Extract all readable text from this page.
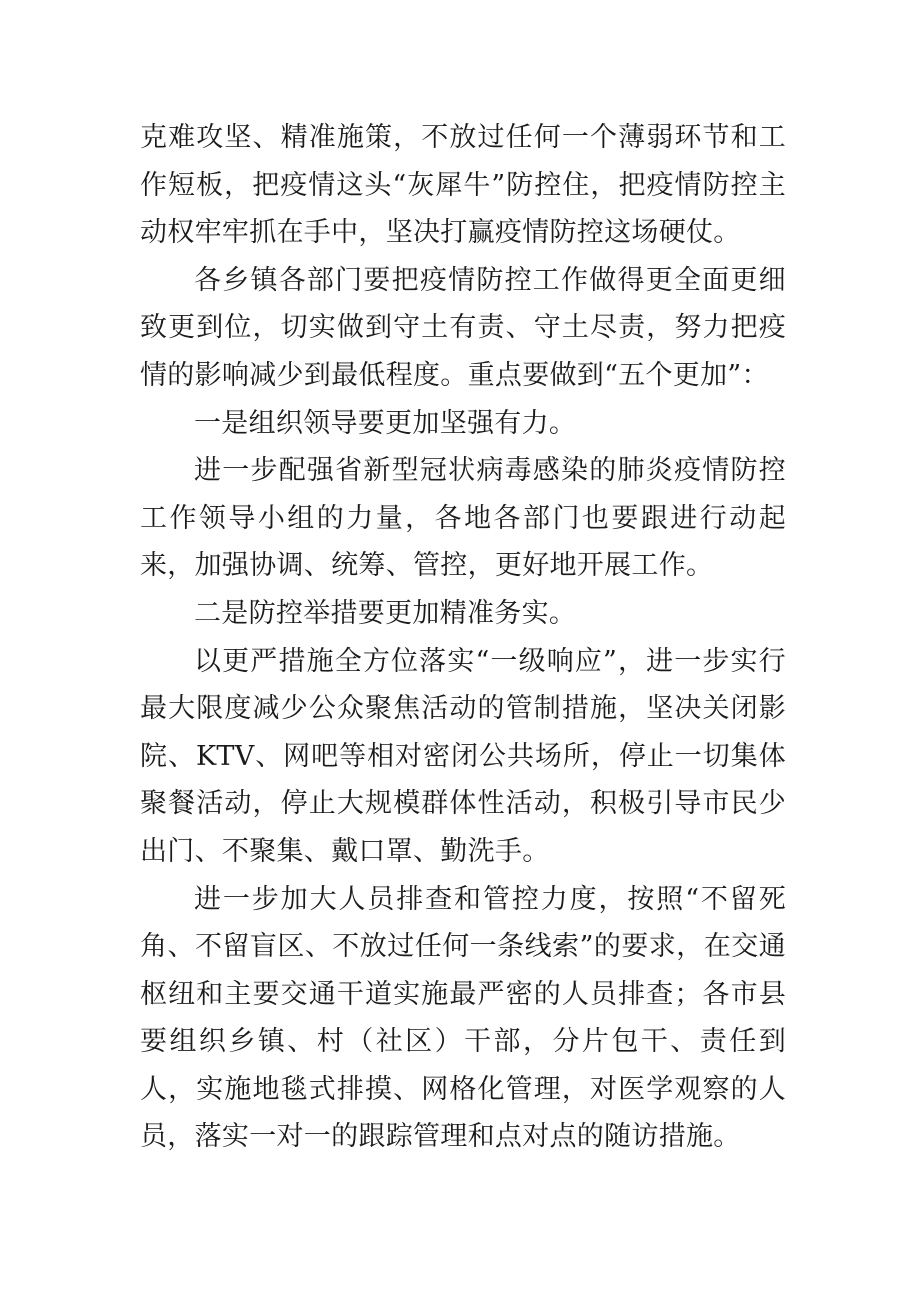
克难攻坚、精准施策，不放过任何一个薄弱环节和工作短板，把疫情这头“灰犀牛”防控住，把疫情防控主动权牢牢抓在手中，坚决打赢疫情防控这场硬仗。

各乡镇各部门要把疫情防控工作做得更全面更细致更到位，切实做到守土有责、守土尽责，努力把疫情的影响减少到最低程度。重点要做到“五个更加”：

一是组织领导要更加坚强有力。

进一步配强省新型冠状病毒感染的肺炎疫情防控工作领导小组的力量，各地各部门也要跟进行动起来，加强协调、统筹、管控，更好地开展工作。

二是防控举措要更加精准务实。

以更严措施全方位落实“一级响应”，进一步实行最大限度减少公众聚焦活动的管制措施，坚决关闭影院、KTV、网吧等相对密闭公共场所，停止一切集体聚餐活动，停止大规模群体性活动，积极引导市民少出门、不聚集、戴口罩、勤洗手。

进一步加大人员排查和管控力度，按照“不留死角、不留盲区、不放过任何一条线索”的要求，在交通枢纽和主要交通干道实施最严密的人员排查；各市县要组织乡镇、村（社区）干部，分片包干、责任到人，实施地毯式排摸、网格化管理，对医学观察的人员，落实一对一的跟踪管理和点对点的随访措施。
